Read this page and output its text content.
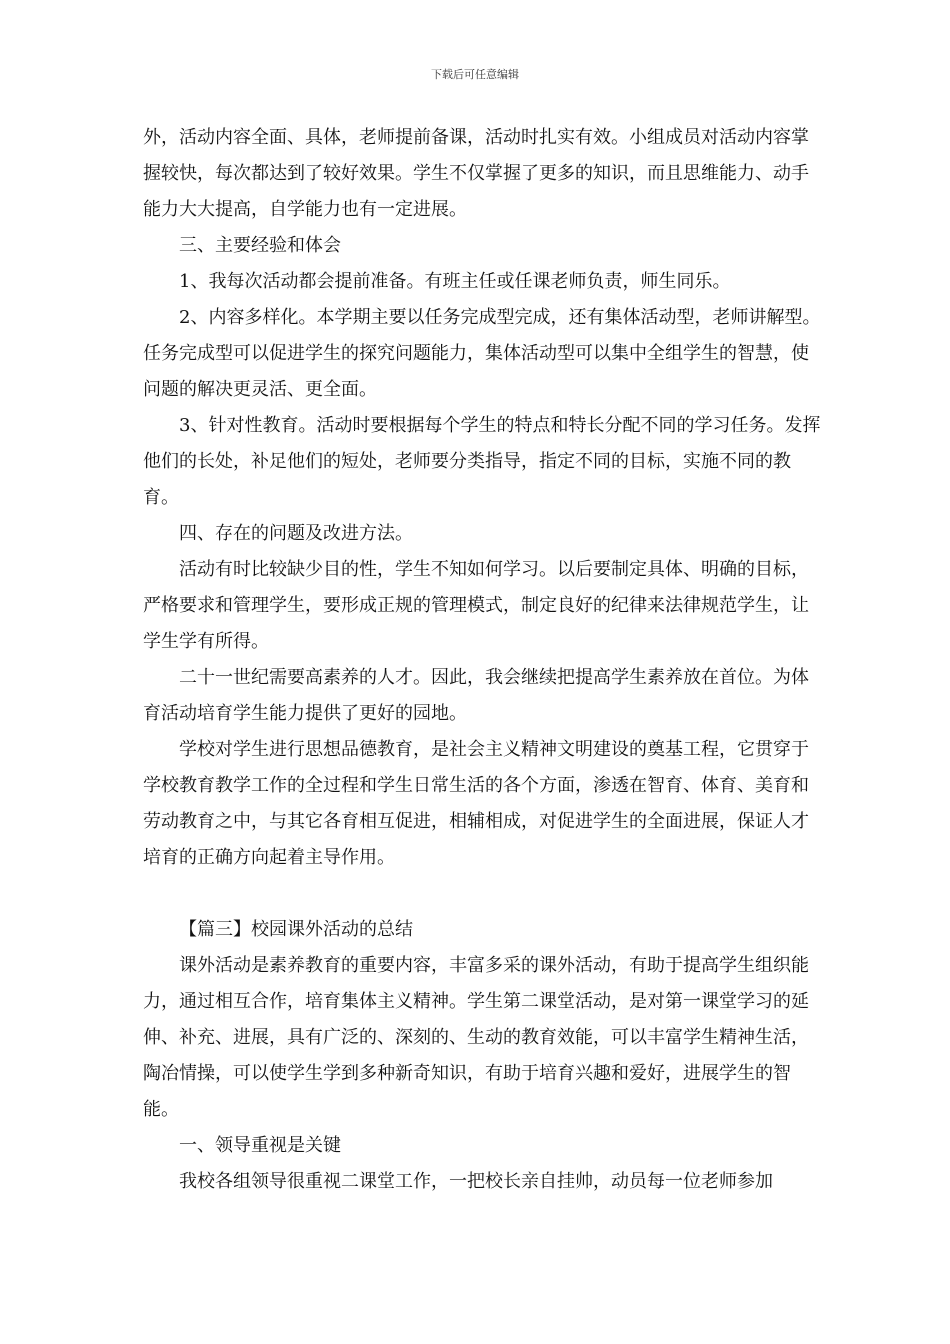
下载后可任意编辑

外，活动内容全面、具体，老师提前备课，活动时扎实有效。小组成员对活动内容掌握较快，每次都达到了较好效果。学生不仅掌握了更多的知识，而且思维能力、动手能力大大提高，自学能力也有一定进展。

三、主要经验和体会

1、我每次活动都会提前准备。有班主任或任课老师负责，师生同乐。

2、内容多样化。本学期主要以任务完成型完成，还有集体活动型，老师讲解型。任务完成型可以促进学生的探究问题能力，集体活动型可以集中全组学生的智慧，使问题的解决更灵活、更全面。

3、针对性教育。活动时要根据每个学生的特点和特长分配不同的学习任务。发挥他们的长处，补足他们的短处，老师要分类指导，指定不同的目标，实施不同的教育。

四、存在的问题及改进方法。

活动有时比较缺少目的性，学生不知如何学习。以后要制定具体、明确的目标，严格要求和管理学生，要形成正规的管理模式，制定良好的纪律来法律规范学生，让学生学有所得。

二十一世纪需要高素养的人才。因此，我会继续把提高学生素养放在首位。为体育活动培育学生能力提供了更好的园地。

学校对学生进行思想品德教育，是社会主义精神文明建设的奠基工程，它贯穿于学校教育教学工作的全过程和学生日常生活的各个方面，渗透在智育、体育、美育和劳动教育之中，与其它各育相互促进，相辅相成，对促进学生的全面进展，保证人才培育的正确方向起着主导作用。

【篇三】校园课外活动的总结

课外活动是素养教育的重要内容，丰富多采的课外活动，有助于提高学生组织能力，通过相互合作，培育集体主义精神。学生第二课堂活动，是对第一课堂学习的延伸、补充、进展，具有广泛的、深刻的、生动的教育效能，可以丰富学生精神生活，陶冶情操，可以使学生学到多种新奇知识，有助于培育兴趣和爱好，进展学生的智能。

一、领导重视是关键

我校各组领导很重视二课堂工作，一把校长亲自挂帅，动员每一位老师参加
